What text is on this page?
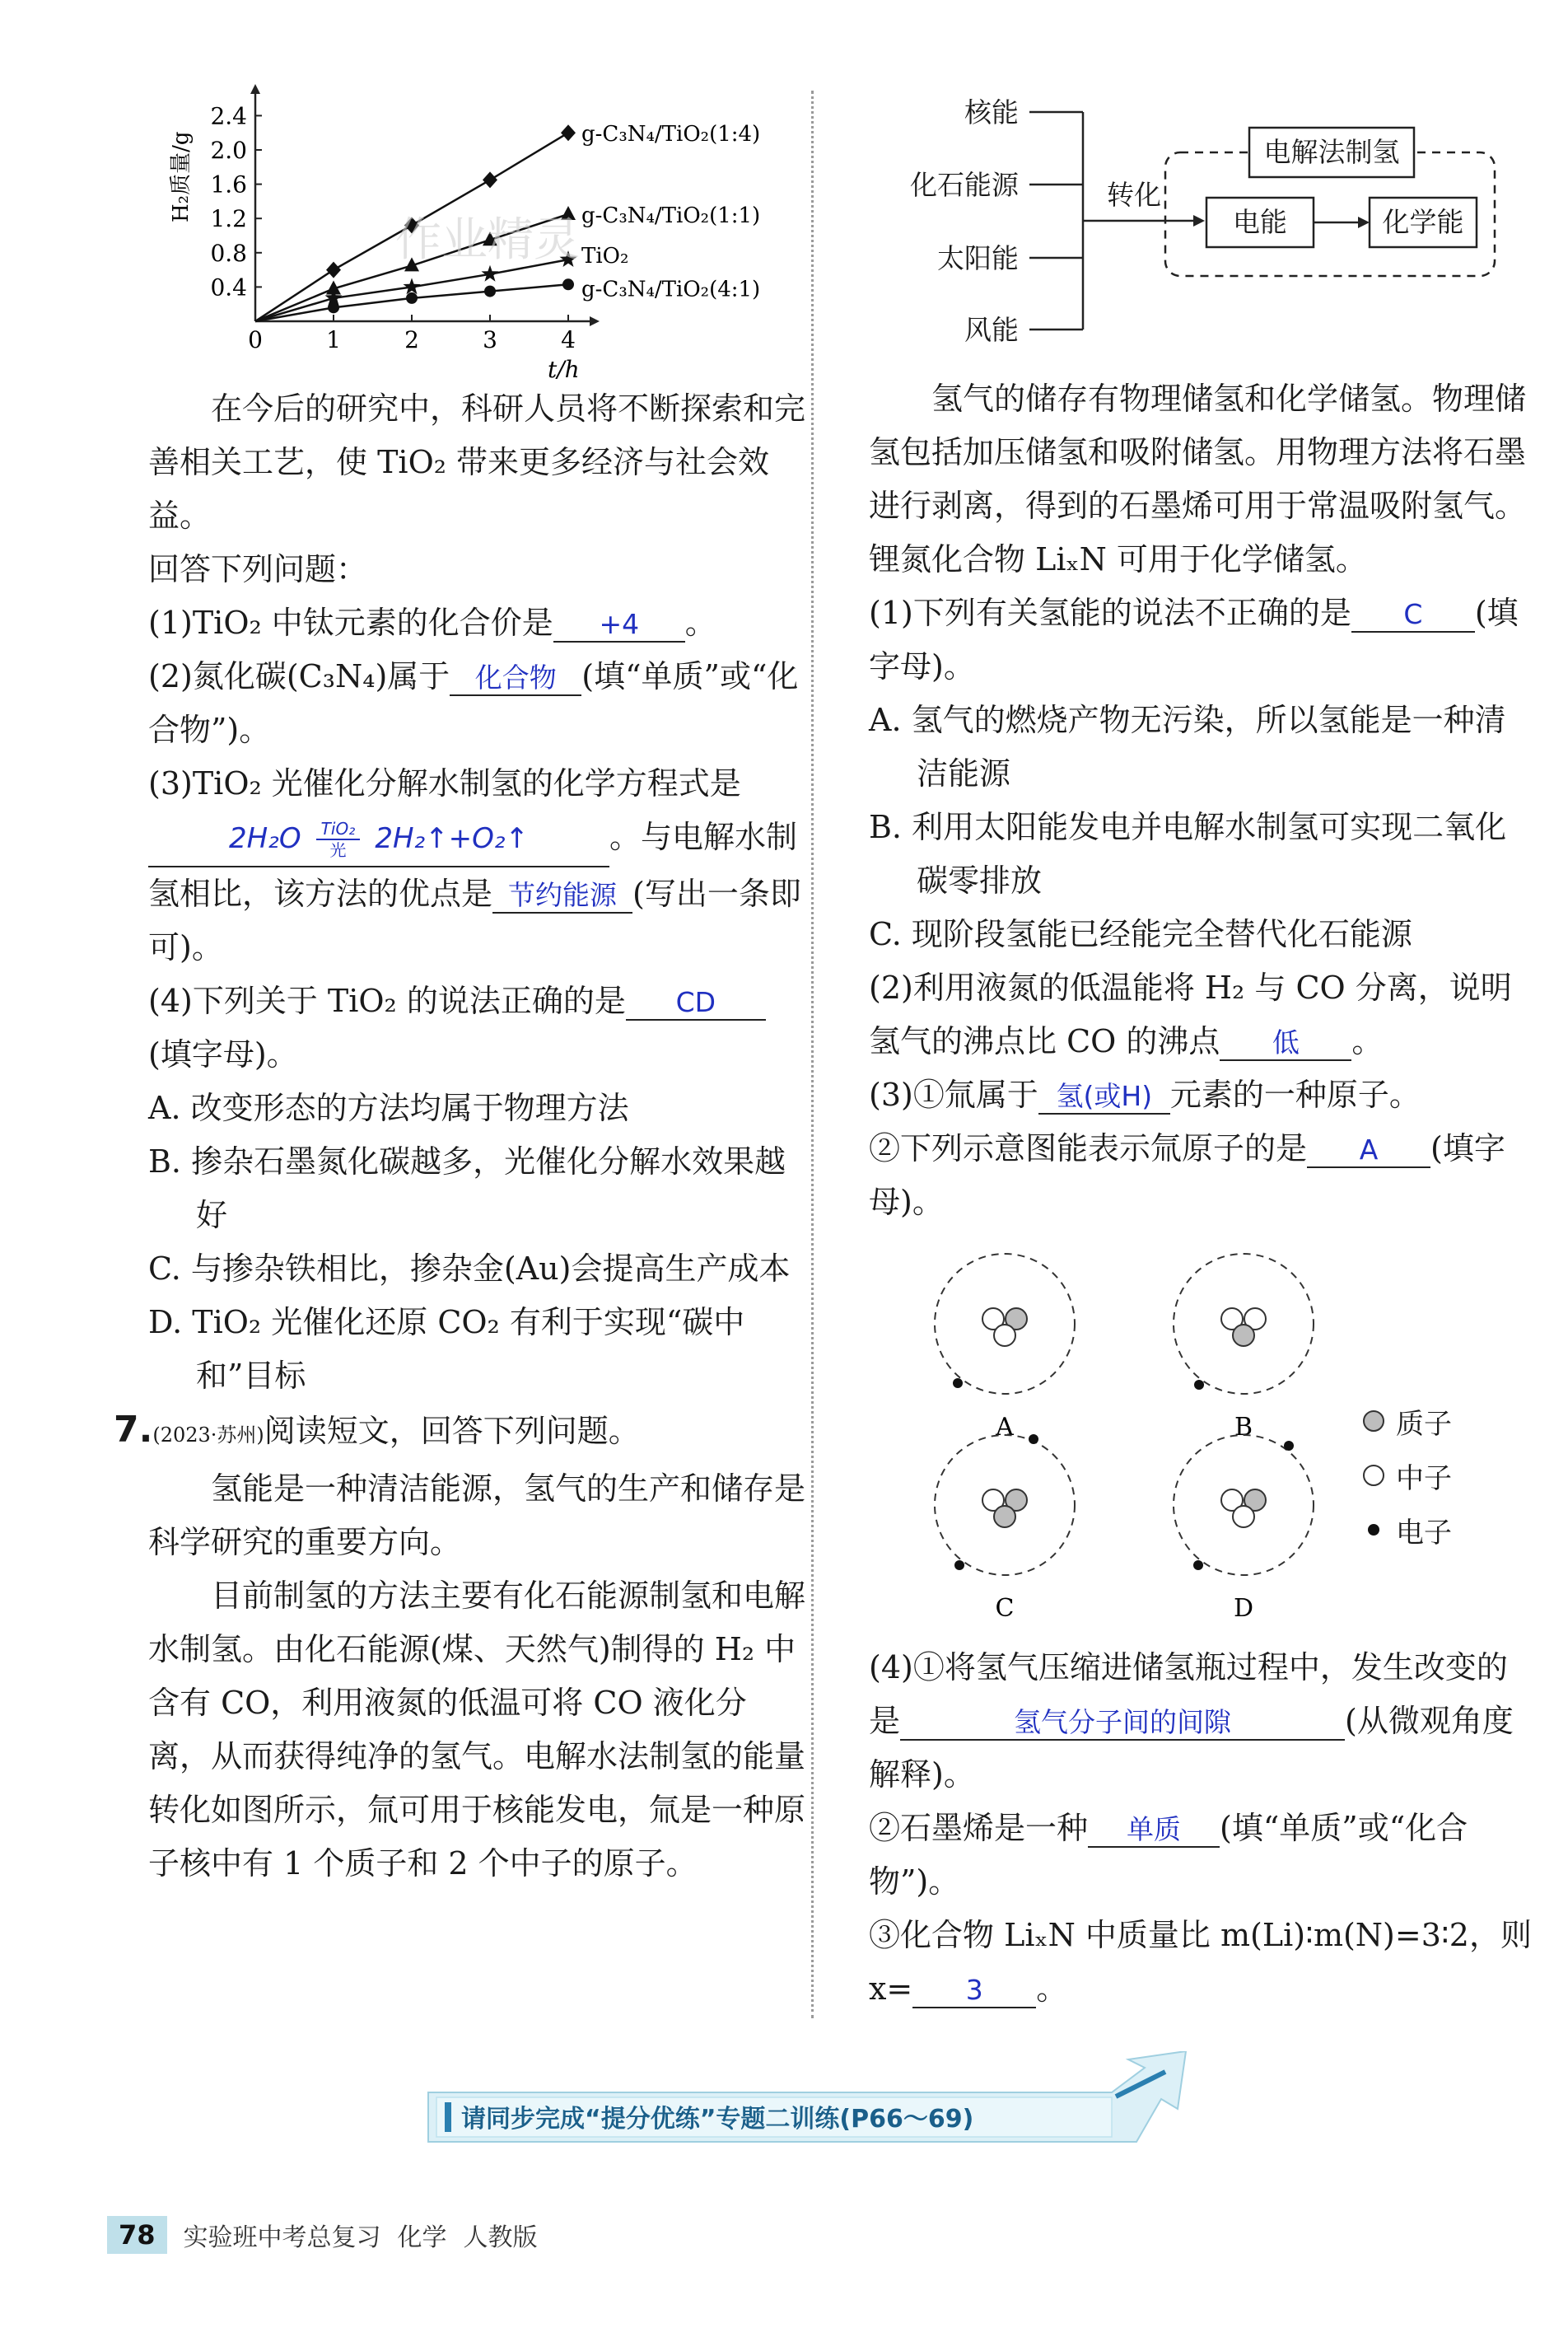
0	1	2	3	4
0.4
0.8
1.2
1.6
2.0
2.4
t/h
H₂质量/g
作业精灵
g-C₃N₄/TiO₂(1:4)
g-C₃N₄/TiO₂(1:1)
TiO₂
g-C₃N₄/TiO₂(4:1)

在今后的研究中，科研人员将不断探索和完善相关工艺，使 TiO₂ 带来更多经济与社会效益。

回答下列问题：

(1)TiO₂ 中钛元素的化合价是 +4 。

(2)氮化碳(C₃N₄)属于 化合物 (填“单质”或“化合物”)。

(3)TiO₂ 光催化分解水制氢的化学方程式是

2H₂O	TiO₂
光 2H₂↑+O₂↑	。与电解水制氢相比，该方法的优点是 节约能源 (写出一条即可)。

(4)下列关于 TiO₂ 的说法正确的是 CD(填字母)。

A. 改变形态的方法均属于物理方法

B. 掺杂石墨氮化碳越多，光催化分解水效果越好

C. 与掺杂铁相比，掺杂金(Au)会提高生产成本

D. TiO₂ 光催化还原 CO₂ 有利于实现“碳中和”目标

7.(2023·苏州)阅读短文，回答下列问题。

氢能是一种清洁能源，氢气的生产和储存是科学研究的重要方向。

目前制氢的方法主要有化石能源制氢和电解水制氢。由化石能源(煤、天然气)制得的 H₂ 中含有 CO，利用液氮的低温可将 CO 液化分离，从而获得纯净的氢气。电解水法制氢的能量转化如图所示，氚可用于核能发电，氚是一种原子核中有 1 个质子和 2 个中子的原子。

核能
化石能源
太阳能
风能
转化
电解法制氢
电能	化学能

氢气的储存有物理储氢和化学储氢。物理储氢包括加压储氢和吸附储氢。用物理方法将石墨进行剥离，得到的石墨烯可用于常温吸附氢气。锂氮化合物 LiₓN 可用于化学储氢。

(1)下列有关氢能的说法不正确的是 C (填字母)。

A. 氢气的燃烧产物无污染，所以氢能是一种清洁能源

B. 利用太阳能发电并电解水制氢可实现二氧化碳零排放

C. 现阶段氢能已经能完全替代化石能源

(2)利用液氮的低温能将 H₂ 与 CO 分离，说明氢气的沸点比 CO 的沸点 低 。

(3)①氚属于 氢(或H) 元素的一种原子。

②下列示意图能表示氚原子的是 A (填字母)。

A	B
C	D
质子
中子
电子

(4)①将氢气压缩进储氢瓶过程中，发生改变的是	氢气分子间的间隙	(从微观角度解释)。

②石墨烯是一种 单质 (填“单质”或“化合物”)。

③化合物 LiₓN 中质量比 m(Li)∶m(N)=3∶2，则 x= 3 。

请同步完成“提分优练”专题二训练(P66～69)
78	实验班中考总复习 化学 人教版
